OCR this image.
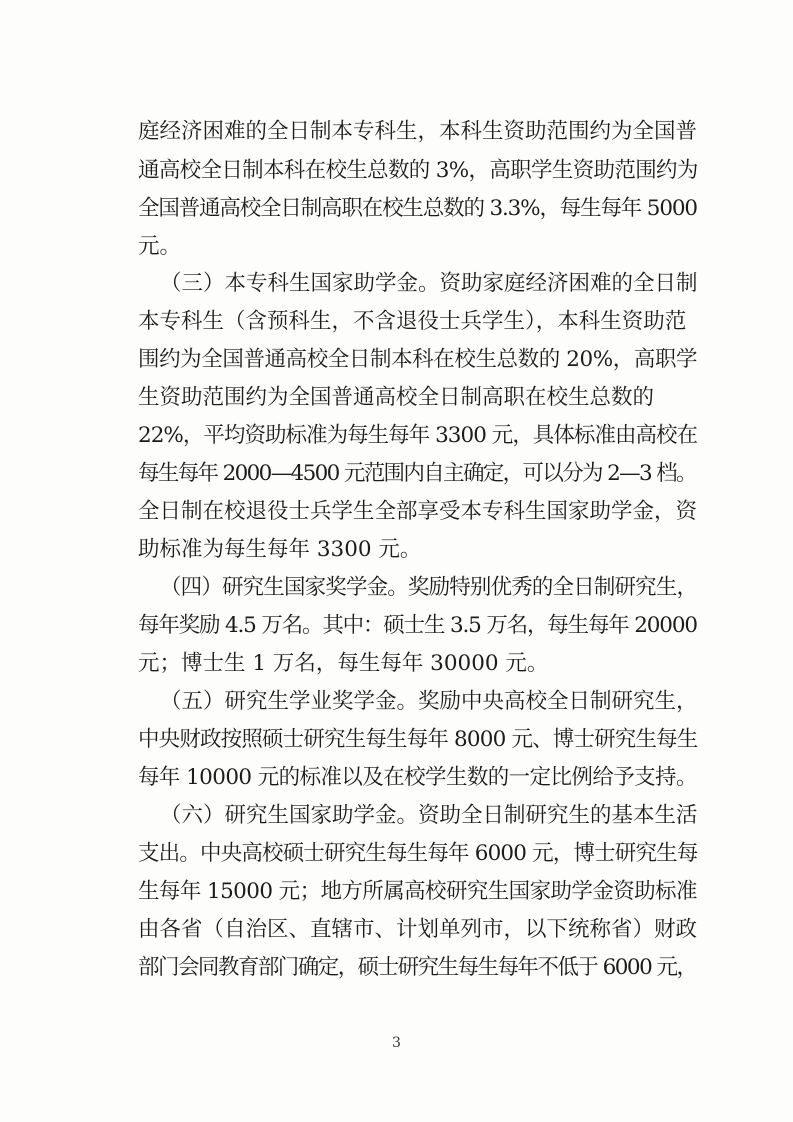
庭经济困难的全日制本专科生，本科生资助范围约为全国普
通高校全日制本科在校生总数的 3%，高职学生资助范围约为
全国普通高校全日制高职在校生总数的 3.3%，每生每年 5000
元。
（三）本专科生国家助学金。资助家庭经济困难的全日制
本专科生（含预科生，不含退役士兵学生），本科生资助范
围约为全国普通高校全日制本科在校生总数的 20%，高职学
生资助范围约为全国普通高校全日制高职在校生总数的
22%，平均资助标准为每生每年 3300 元，具体标准由高校在
每生每年 2000—4500 元范围内自主确定，可以分为 2—3 档。
全日制在校退役士兵学生全部享受本专科生国家助学金，资
助标准为每生每年 3300 元。
（四）研究生国家奖学金。奖励特别优秀的全日制研究生，
每年奖励 4.5 万名。其中：硕士生 3.5 万名，每生每年 20000
元；博士生 1 万名，每生每年 30000 元。
（五）研究生学业奖学金。奖励中央高校全日制研究生，
中央财政按照硕士研究生每生每年 8000 元、博士研究生每生
每年 10000 元的标准以及在校学生数的一定比例给予支持。
（六）研究生国家助学金。资助全日制研究生的基本生活
支出。中央高校硕士研究生每生每年 6000 元，博士研究生每
生每年 15000 元；地方所属高校研究生国家助学金资助标准
由各省（自治区、直辖市、计划单列市，以下统称省）财政
部门会同教育部门确定，硕士研究生每生每年不低于 6000 元，
3
